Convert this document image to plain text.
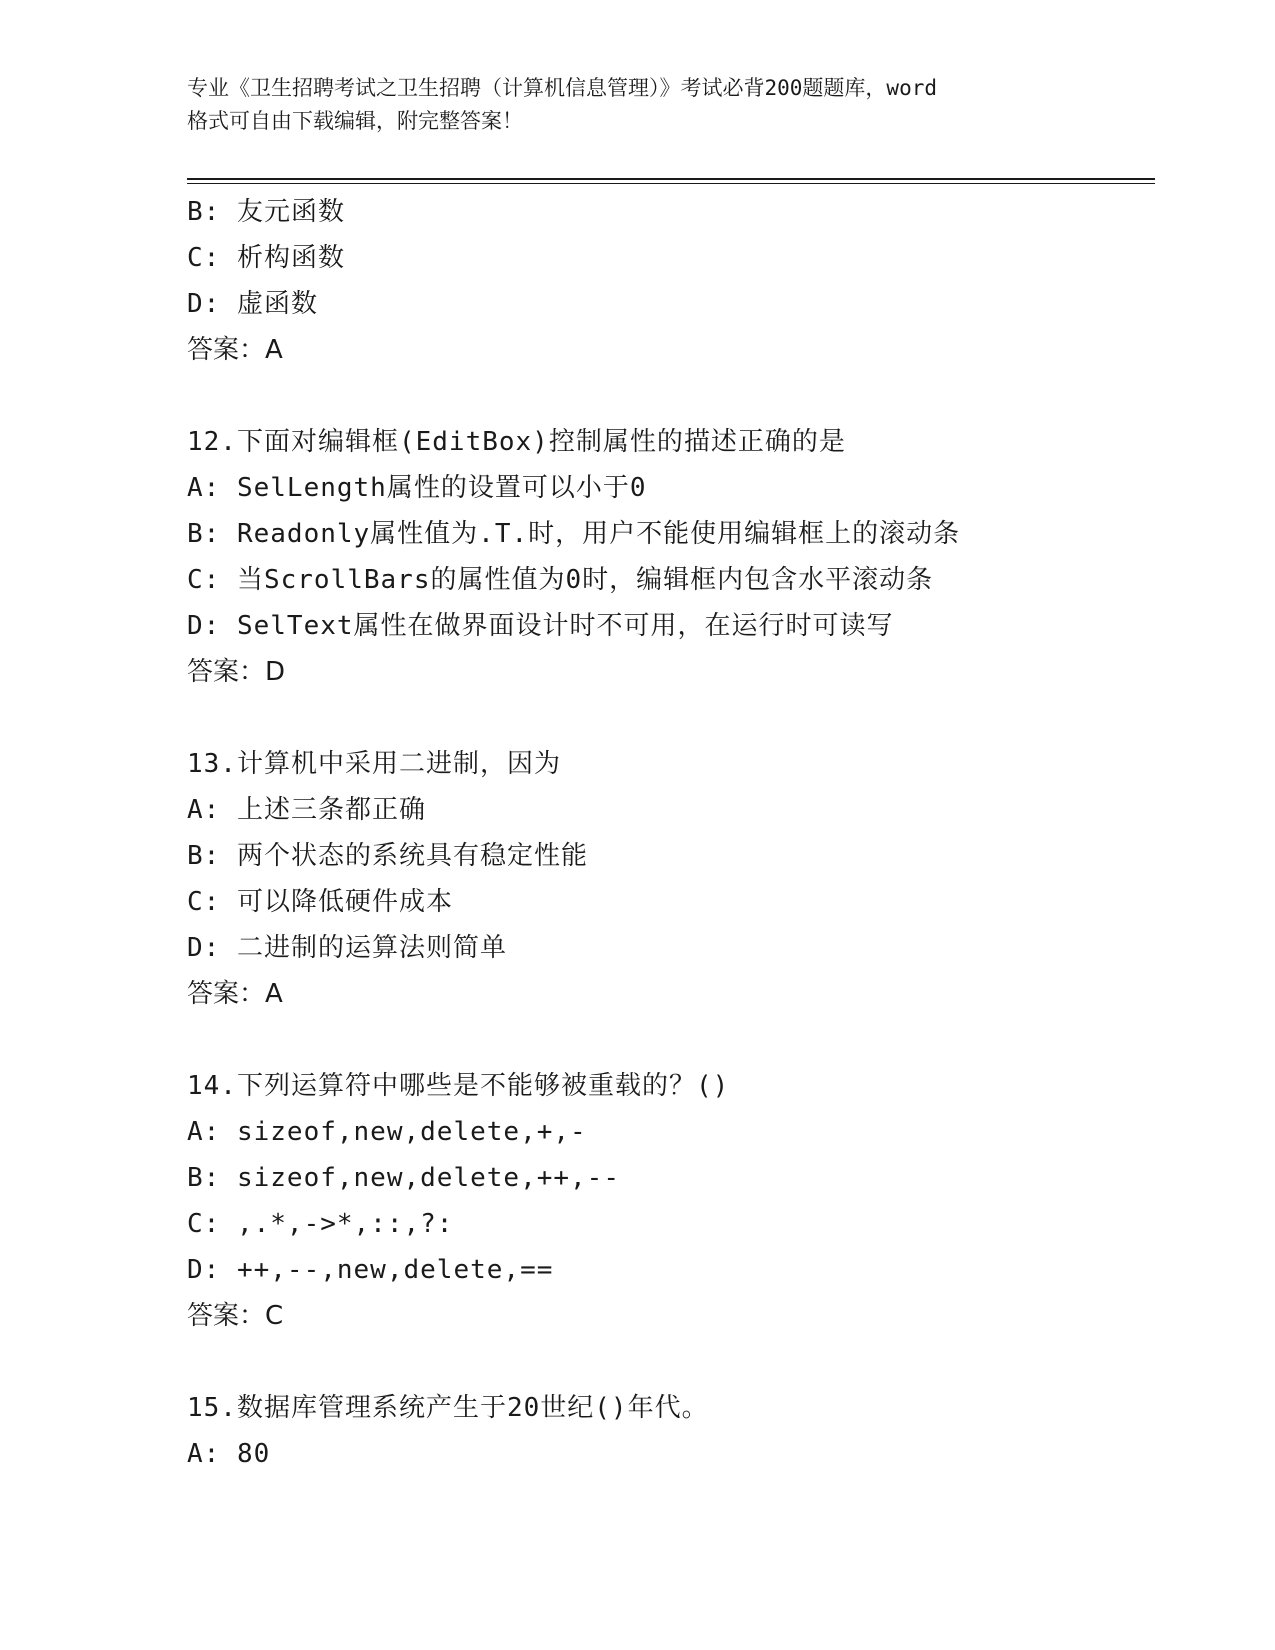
专业《卫生招聘考试之卫生招聘（计算机信息管理）》考试必背200题题库，word
格式可自由下载编辑，附完整答案！
B: 友元函数
C: 析构函数
D: 虚函数
答案：A
12.下面对编辑框(EditBox)控制属性的描述正确的是
A: SelLength属性的设置可以小于0
B: Readonly属性值为.T.时，用户不能使用编辑框上的滚动条
C: 当ScrollBars的属性值为0时，编辑框内包含水平滚动条
D: SelText属性在做界面设计时不可用，在运行时可读写
答案：D
13.计算机中采用二进制，因为
A: 上述三条都正确
B: 两个状态的系统具有稳定性能
C: 可以降低硬件成本
D: 二进制的运算法则简单
答案：A
14.下列运算符中哪些是不能够被重载的？()
A: sizeof,new,delete,+,-
B: sizeof,new,delete,++,--
C: ,.*,->*,::,?:
D: ++,--,new,delete,==
答案：C
15.数据库管理系统产生于20世纪()年代。
A: 80
